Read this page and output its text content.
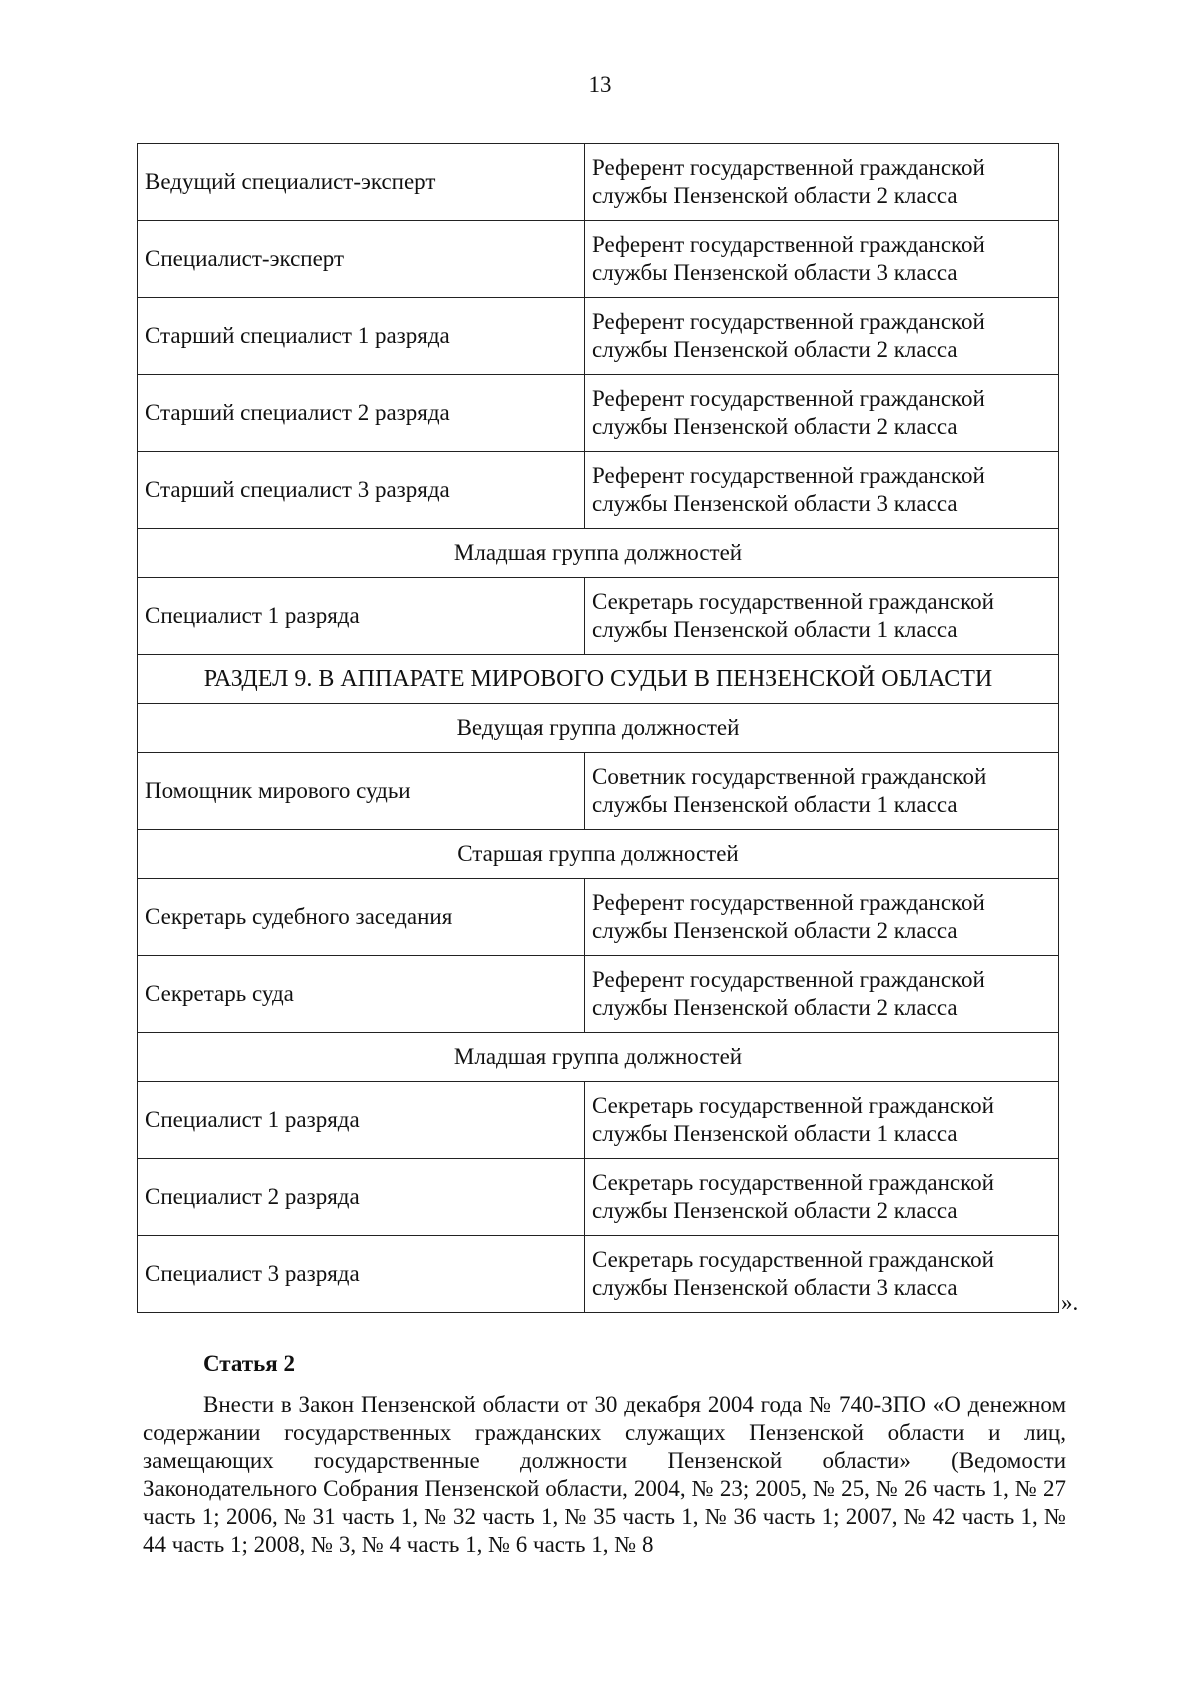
13
Ведущий специалист-эксперт	Референт государственной гражданской
службы Пензенской области 2 класса

Специалист-эксперт	Референт государственной гражданской
службы Пензенской области 3 класса

Старший специалист 1 разряда	Референт государственной гражданской
службы Пензенской области 2 класса

Старший специалист 2 разряда	Референт государственной гражданской
службы Пензенской области 2 класса

Старший специалист 3 разряда	Референт государственной гражданской
службы Пензенской области 3 класса

Младшая группа должностей	
Специалист 1 разряда	Секретарь государственной гражданской
службы Пензенской области 1 класса

РАЗДЕЛ 9. В АППАРАТЕ МИРОВОГО СУДЬИ В ПЕНЗЕНСКОЙ ОБЛАСТИ	
Ведущая группа должностей	
Помощник мирового судьи	Советник государственной гражданской
службы Пензенской области 1 класса

Старшая группа должностей	
Секретарь судебного заседания	Референт государственной гражданской
службы Пензенской области 2 класса

Секретарь суда	Референт государственной гражданской
службы Пензенской области 2 класса

Младшая группа должностей	
Специалист 1 разряда	Секретарь государственной гражданской
службы Пензенской области 1 класса

Специалист 2 разряда	Секретарь государственной гражданской
службы Пензенской области 2 класса

Специалист 3 разряда	Секретарь государственной гражданской
службы Пензенской области 3 класса
».
Статья 2

Внести в Закон Пензенской области от 30 декабря 2004 года № 740-ЗПО «О денежном содержании государственных гражданских служащих Пензенской области и лиц, замещающих государственные должности Пензенской области» (Ведомости Законодательного Собрания Пензенской области, 2004, № 23; 2005, № 25, № 26 часть 1, № 27 часть 1; 2006, № 31 часть 1, № 32 часть 1, № 35 часть 1, № 36 часть 1; 2007, № 42 часть 1, № 44 часть 1; 2008, № 3, № 4 часть 1, № 6 часть 1, № 8
